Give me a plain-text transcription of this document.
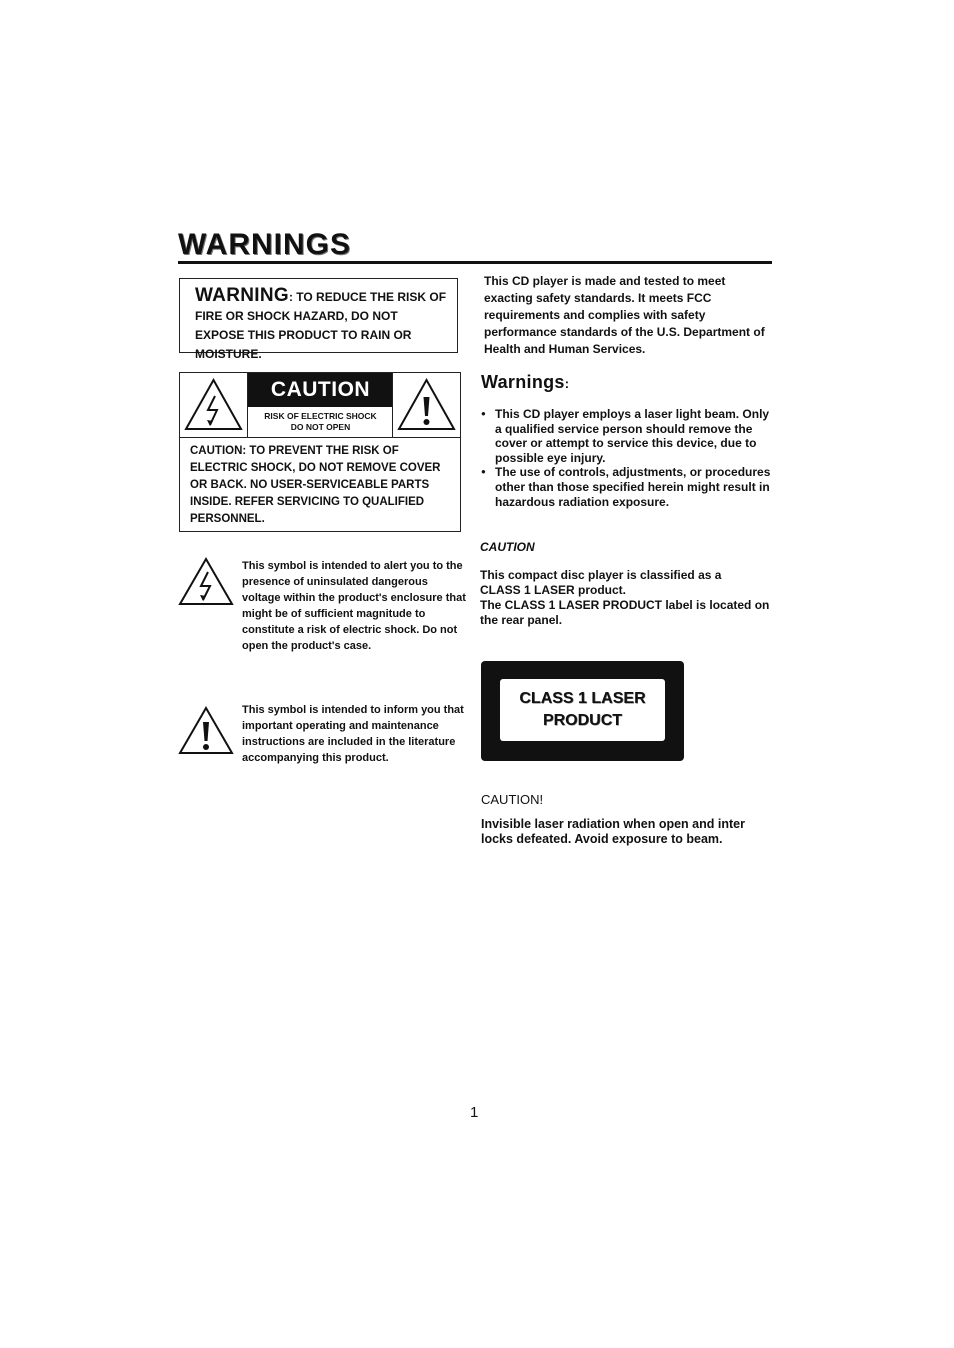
WARNINGS
WARNING: TO REDUCE THE RISK OF FIRE OR SHOCK HAZARD, DO NOT EXPOSE THIS PRODUCT TO RAIN OR MOISTURE.
CAUTION
RISK OF ELECTRIC SHOCK
DO NOT OPEN
CAUTION: TO PREVENT THE RISK OF ELECTRIC SHOCK, DO NOT REMOVE COVER OR BACK. NO USER-SERVICEABLE PARTS INSIDE. REFER SERVICING TO QUALIFIED PERSONNEL.
This symbol is intended to alert you to the presence of uninsulated dangerous voltage within the product's enclosure that might be of sufficient magnitude to constitute a risk of electric shock. Do not open the product's case.
This symbol is intended to inform you that important operating and maintenance instructions are included in the literature accompanying this product.
This CD player is made and tested to meet exacting safety standards. It meets FCC requirements and complies with safety performance standards of the U.S. Department of Health and Human Services.
Warnings:
● This CD player employs a laser light beam. Only a qualified service person should remove the cover or attempt to service this device, due to possible eye injury.
● The use of controls, adjustments, or procedures other than those specified herein might result in hazardous radiation exposure.
CAUTION
This compact disc player is classified as a CLASS 1 LASER product.
The CLASS 1 LASER PRODUCT label is located on the rear panel.
CLASS 1 LASER
PRODUCT
CAUTION!
Invisible laser radiation when open and inter locks defeated. Avoid exposure to beam.
1
